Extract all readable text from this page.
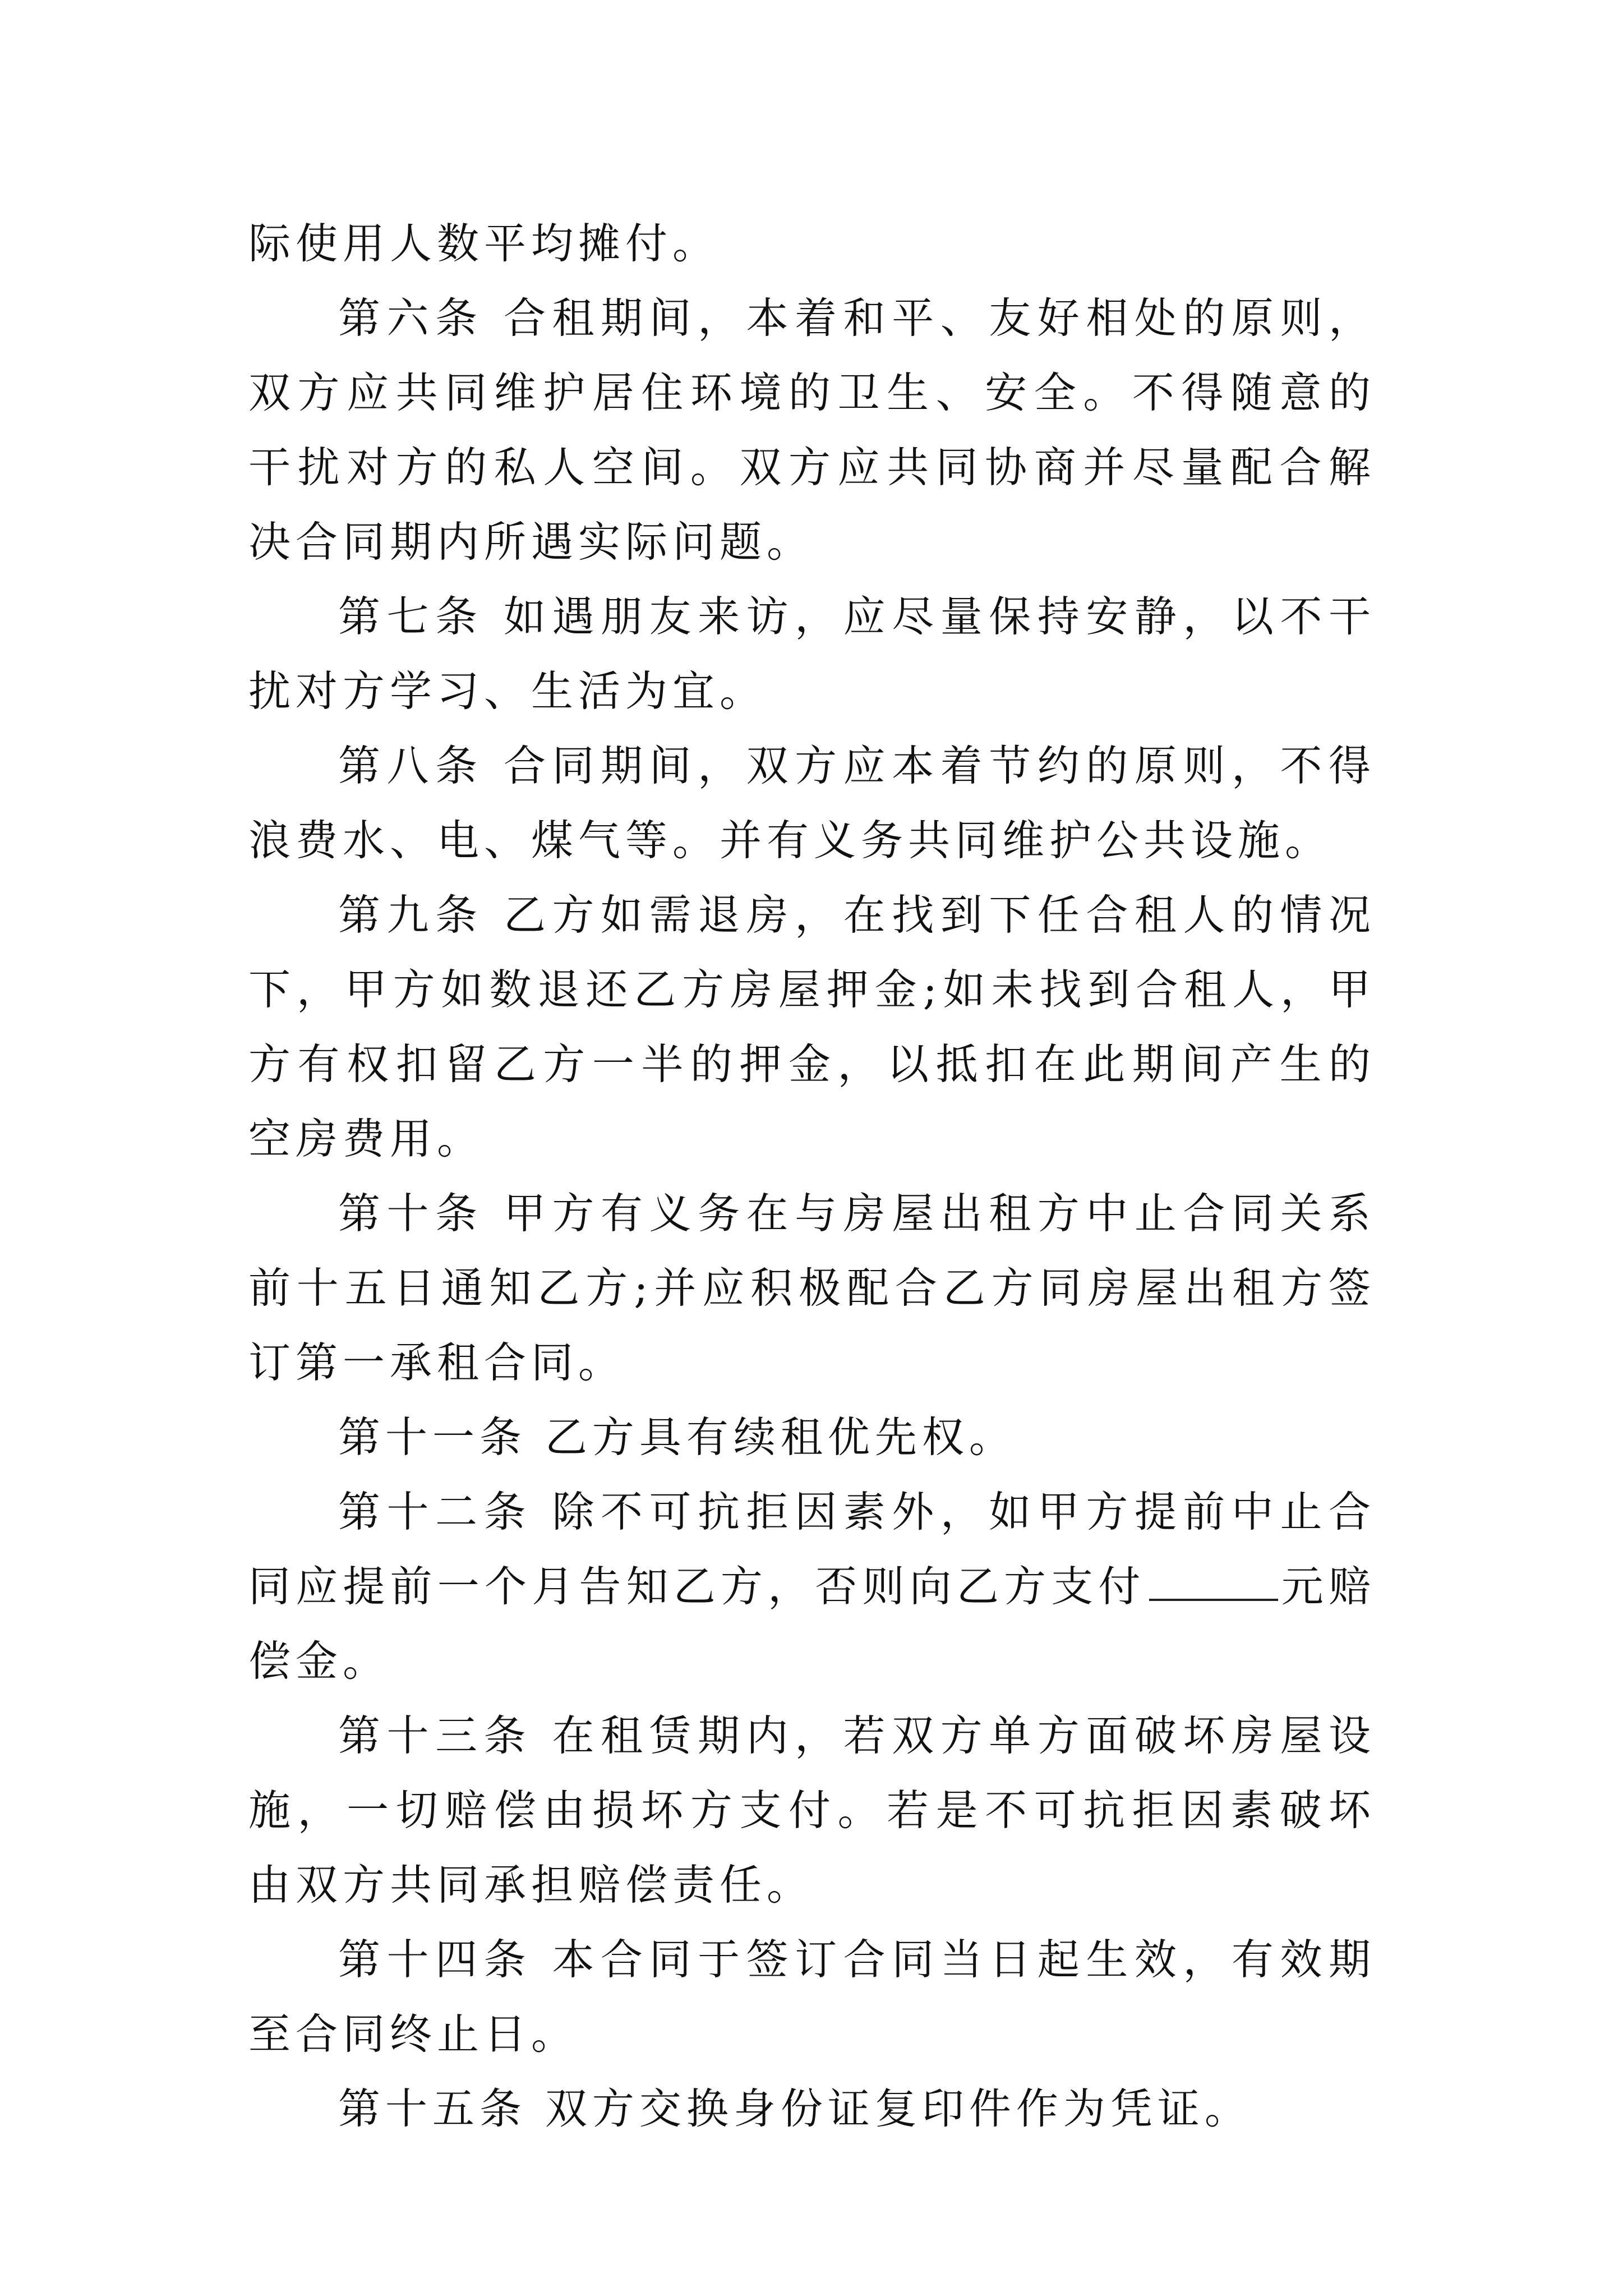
际使用人数平均摊付。

第六条 合租期间，本着和平、友好相处的原则，双方应共同维护居住环境的卫生、安全。不得随意的干扰对方的私人空间。双方应共同协商并尽量配合解决合同期内所遇实际问题。

第七条 如遇朋友来访，应尽量保持安静，以不干扰对方学习、生活为宜。

第八条 合同期间，双方应本着节约的原则，不得浪费水、电、煤气等。并有义务共同维护公共设施。

第九条 乙方如需退房，在找到下任合租人的情况下，甲方如数退还乙方房屋押金;如未找到合租人，甲方有权扣留乙方一半的押金，以抵扣在此期间产生的空房费用。

第十条 甲方有义务在与房屋出租方中止合同关系前十五日通知乙方;并应积极配合乙方同房屋出租方签订第一承租合同。

第十一条 乙方具有续租优先权。

第十二条 除不可抗拒因素外，如甲方提前中止合同应提前一个月告知乙方，否则向乙方支付	元赔偿金。

第十三条 在租赁期内，若双方单方面破坏房屋设施，一切赔偿由损坏方支付。若是不可抗拒因素破坏由双方共同承担赔偿责任。

第十四条 本合同于签订合同当日起生效，有效期至合同终止日。

第十五条 双方交换身份证复印件作为凭证。
